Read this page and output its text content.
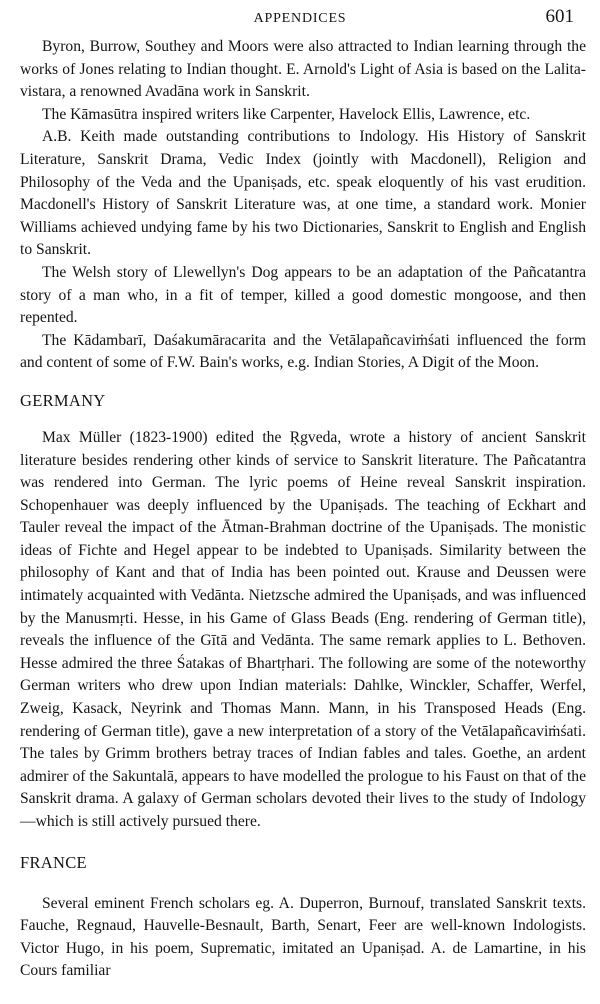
APPENDICES	601

Byron, Burrow, Southey and Moors were also attracted to Indian learning through the works of Jones relating to Indian thought. E. Arnold's Light of Asia is based on the Lalita-vistara, a renowned Avadāna work in Sanskrit.

The Kāmasūtra inspired writers like Carpenter, Havelock Ellis, Lawrence, etc.

A.B. Keith made outstanding contributions to Indology. His History of Sanskrit Literature, Sanskrit Drama, Vedic Index (jointly with Macdonell), Religion and Philosophy of the Veda and the Upaniṣads, etc. speak eloquently of his vast erudition. Macdonell's History of Sanskrit Literature was, at one time, a standard work. Monier Williams achieved undying fame by his two Dictionaries, Sanskrit to English and English to Sanskrit.

The Welsh story of Llewellyn's Dog appears to be an adaptation of the Pañcatantra story of a man who, in a fit of temper, killed a good domestic mongoose, and then repented.

The Kādambarī, Daśakumāracarita and the Vetālapañcaviṁśati influenced the form and content of some of F.W. Bain's works, e.g. Indian Stories, A Digit of the Moon.

GERMANY

Max Müller (1823-1900) edited the Ṛgveda, wrote a history of ancient Sanskrit literature besides rendering other kinds of service to Sanskrit literature. The Pañcatantra was rendered into German. The lyric poems of Heine reveal Sanskrit inspiration. Schopenhauer was deeply influenced by the Upaniṣads. The teaching of Eckhart and Tauler reveal the impact of the Ātman-Brahman doctrine of the Upaniṣads. The monistic ideas of Fichte and Hegel appear to be indebted to Upaniṣads. Similarity between the philosophy of Kant and that of India has been pointed out. Krause and Deussen were intimately acquainted with Vedānta. Nietzsche admired the Upaniṣads, and was influenced by the Manusmṛti. Hesse, in his Game of Glass Beads (Eng. rendering of German title), reveals the influence of the Gītā and Vedānta. The same remark applies to L. Bethoven. Hesse admired the three Śatakas of Bhartṛhari. The following are some of the noteworthy German writers who drew upon Indian materials: Dahlke, Winckler, Schaffer, Werfel, Zweig, Kasack, Neyrink and Thomas Mann. Mann, in his Transposed Heads (Eng. rendering of German title), gave a new interpretation of a story of the Vetālapañcaviṁśati. The tales by Grimm brothers betray traces of Indian fables and tales. Goethe, an ardent admirer of the Sakuntalā, appears to have modelled the prologue to his Faust on that of the Sanskrit drama. A galaxy of German scholars devoted their lives to the study of Indology—which is still actively pursued there.

FRANCE

Several eminent French scholars eg. A. Duperron, Burnouf, translated Sanskrit texts. Fauche, Regnaud, Hauvelle-Besnault, Barth, Senart, Feer are well-known Indologists. Victor Hugo, in his poem, Suprematic, imitated an Upaniṣad. A. de Lamartine, in his Cours familiar
